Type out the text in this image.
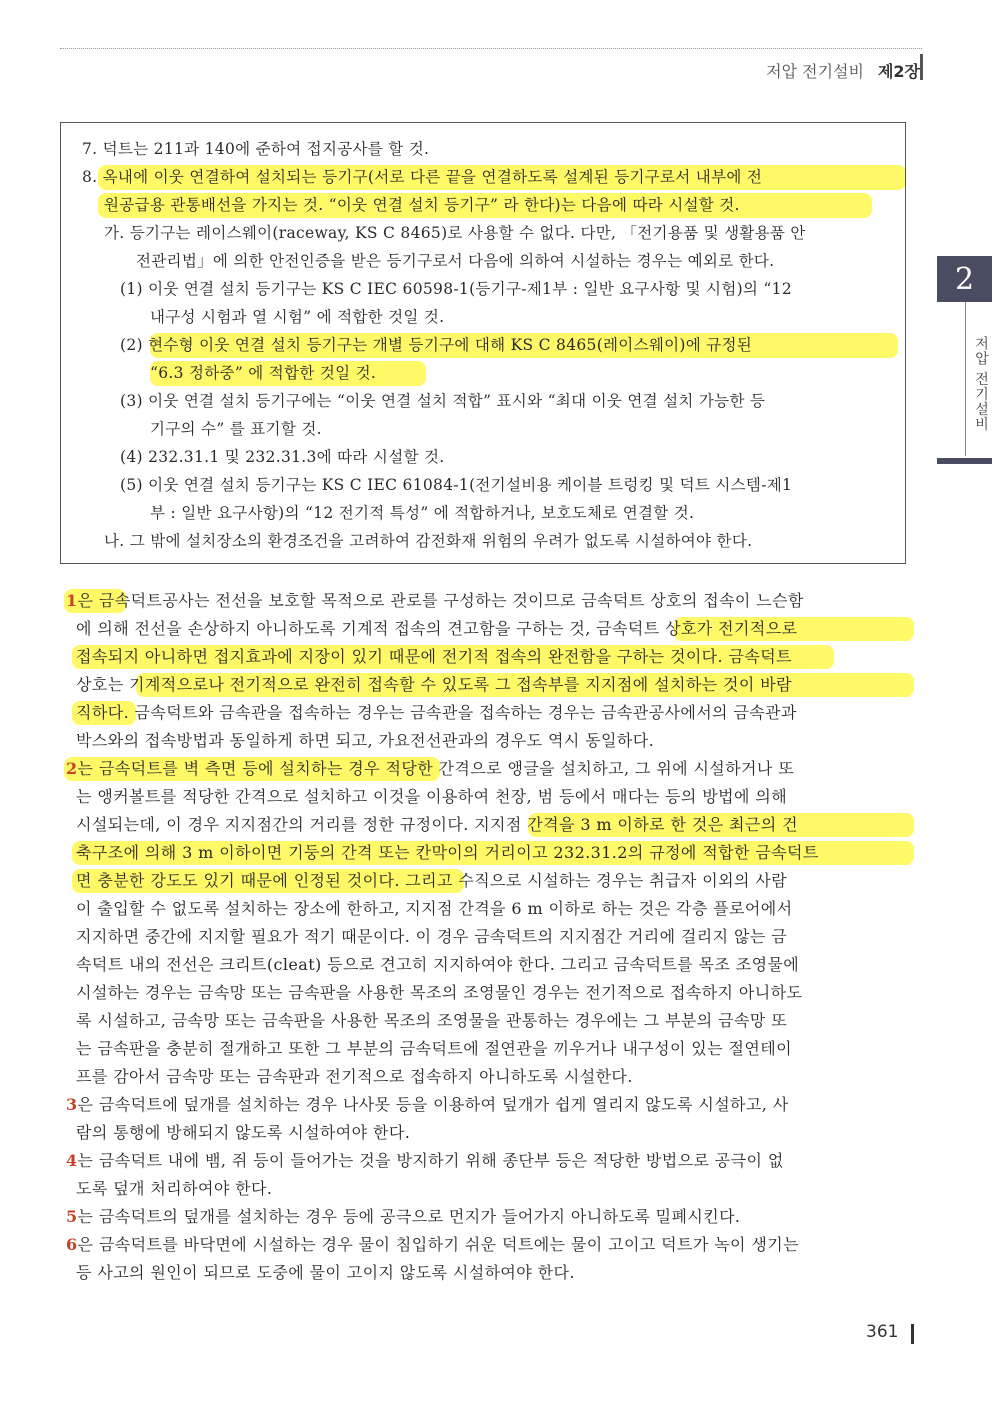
저압 전기설비 제2장
2
저압 전기설비
7. 덕트는 211과 140에 준하여 접지공사를 할 것.
8. 옥내에 이웃 연결하여 설치되는 등기구(서로 다른 끝을 연결하도록 설계된 등기구로서 내부에 전
원공급용 관통배선을 가지는 것. “이웃 연결 설치 등기구” 라 한다)는 다음에 따라 시설할 것.
가. 등기구는 레이스웨이(raceway, KS C 8465)로 사용할 수 없다. 다만, 「전기용품 및 생활용품 안
전관리법」에 의한 안전인증을 받은 등기구로서 다음에 의하여 시설하는 경우는 예외로 한다.
(1) 이웃 연결 설치 등기구는 KS C IEC 60598-1(등기구-제1부 : 일반 요구사항 및 시험)의 “12
내구성 시험과 열 시험” 에 적합한 것일 것.
(2) 현수형 이웃 연결 설치 등기구는 개별 등기구에 대해 KS C 8465(레이스웨이)에 규정된
“6.3 정하중” 에 적합한 것일 것.
(3) 이웃 연결 설치 등기구에는 “이웃 연결 설치 적합” 표시와 “최대 이웃 연결 설치 가능한 등
기구의 수” 를 표기할 것.
(4) 232.31.1 및 232.31.3에 따라 시설할 것.
(5) 이웃 연결 설치 등기구는 KS C IEC 61084-1(전기설비용 케이블 트렁킹 및 덕트 시스템-제1
부 : 일반 요구사항)의 “12 전기적 특성” 에 적합하거나, 보호도체로 연결할 것.
나. 그 밖에 설치장소의 환경조건을 고려하여 감전화재 위험의 우려가 없도록 시설하여야 한다.
1은 금속덕트공사는 전선을 보호할 목적으로 관로를 구성하는 것이므로 금속덕트 상호의 접속이 느슨함
에 의해 전선을 손상하지 아니하도록 기계적 접속의 견고함을 구하는 것, 금속덕트 상호가 전기적으로
접속되지 아니하면 접지효과에 지장이 있기 때문에 전기적 접속의 완전함을 구하는 것이다. 금속덕트
상호는 기계적으로나 전기적으로 완전히 접속할 수 있도록 그 접속부를 지지점에 설치하는 것이 바람
직하다. 금속덕트와 금속관을 접속하는 경우는 금속관을 접속하는 경우는 금속관공사에서의 금속관과
박스와의 접속방법과 동일하게 하면 되고, 가요전선관과의 경우도 역시 동일하다.
2는 금속덕트를 벽 측면 등에 설치하는 경우 적당한 간격으로 앵글을 설치하고, 그 위에 시설하거나 또
는 앵커볼트를 적당한 간격으로 설치하고 이것을 이용하여 천장, 범 등에서 매다는 등의 방법에 의해
시설되는데, 이 경우 지지점간의 거리를 정한 규정이다. 지지점 간격을 3 m 이하로 한 것은 최근의 건
축구조에 의해 3 m 이하이면 기둥의 간격 또는 칸막이의 거리이고 232.31.2의 규정에 적합한 금속덕트
면 충분한 강도도 있기 때문에 인정된 것이다. 그리고 수직으로 시설하는 경우는 취급자 이외의 사람
이 출입할 수 없도록 설치하는 장소에 한하고, 지지점 간격을 6 m 이하로 하는 것은 각층 플로어에서
지지하면 중간에 지지할 필요가 적기 때문이다. 이 경우 금속덕트의 지지점간 거리에 걸리지 않는 금
속덕트 내의 전선은 크리트(cleat) 등으로 견고히 지지하여야 한다. 그리고 금속덕트를 목조 조영물에
시설하는 경우는 금속망 또는 금속판을 사용한 목조의 조영물인 경우는 전기적으로 접속하지 아니하도
록 시설하고, 금속망 또는 금속판을 사용한 목조의 조영물을 관통하는 경우에는 그 부분의 금속망 또
는 금속판을 충분히 절개하고 또한 그 부분의 금속덕트에 절연관을 끼우거나 내구성이 있는 절연테이
프를 감아서 금속망 또는 금속판과 전기적으로 접속하지 아니하도록 시설한다.
3은 금속덕트에 덮개를 설치하는 경우 나사못 등을 이용하여 덮개가 쉽게 열리지 않도록 시설하고, 사
람의 통행에 방해되지 않도록 시설하여야 한다.
4는 금속덕트 내에 뱀, 쥐 등이 들어가는 것을 방지하기 위해 종단부 등은 적당한 방법으로 공극이 없
도록 덮개 처리하여야 한다.
5는 금속덕트의 덮개를 설치하는 경우 등에 공극으로 먼지가 들어가지 아니하도록 밀폐시킨다.
6은 금속덕트를 바닥면에 시설하는 경우 물이 침입하기 쉬운 덕트에는 물이 고이고 덕트가 녹이 생기는
등 사고의 원인이 되므로 도중에 물이 고이지 않도록 시설하여야 한다.
361
